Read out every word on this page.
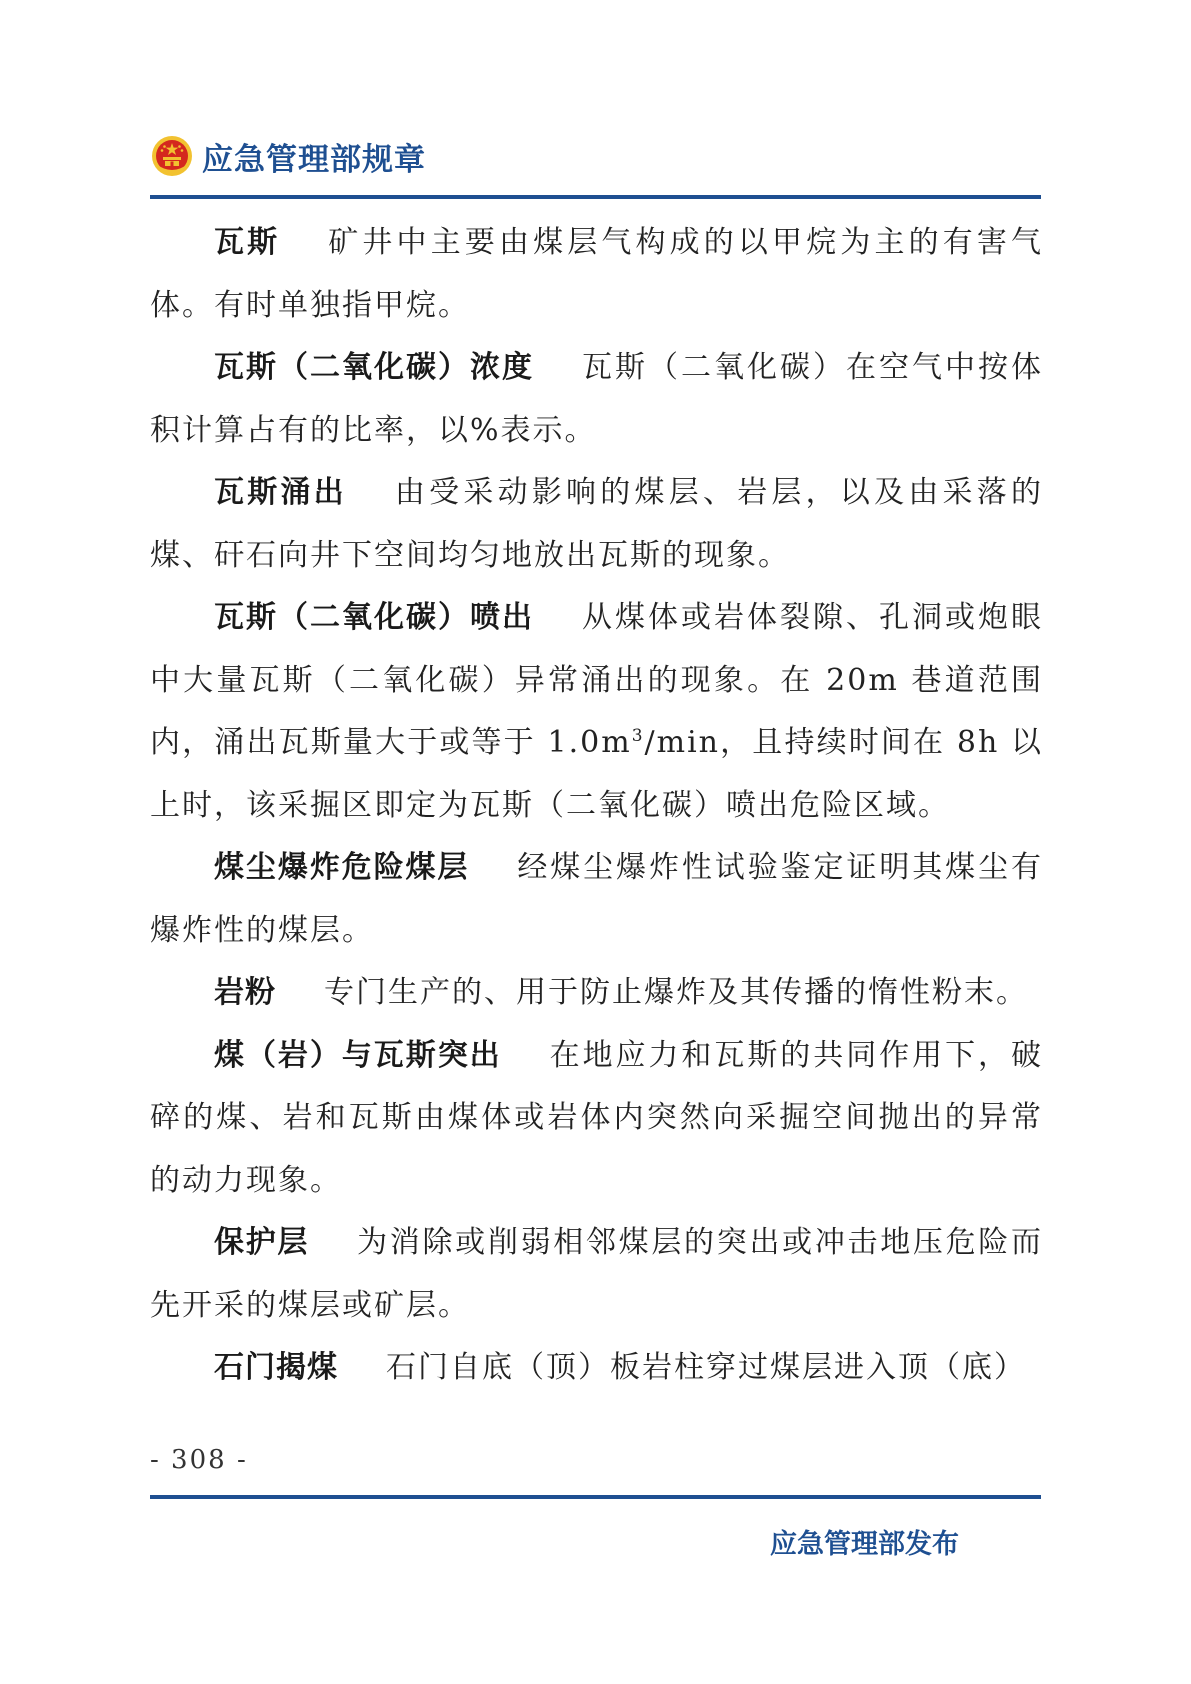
应急管理部规章

瓦斯 矿井中主要由煤层气构成的以甲烷为主的有害气体。有时单独指甲烷。

瓦斯（二氧化碳）浓度 瓦斯（二氧化碳）在空气中按体积计算占有的比率，以%表示。

瓦斯涌出 由受采动影响的煤层、岩层，以及由采落的煤、矸石向井下空间均匀地放出瓦斯的现象。

瓦斯（二氧化碳）喷出 从煤体或岩体裂隙、孔洞或炮眼中大量瓦斯（二氧化碳）异常涌出的现象。在 20m 巷道范围内，涌出瓦斯量大于或等于 $1.0m^3/\min$，且持续时间在 8h 以上时，该采掘区即定为瓦斯（二氧化碳）喷出危险区域。

煤尘爆炸危险煤层 经煤尘爆炸性试验鉴定证明其煤尘有爆炸性的煤层。

岩粉 专门生产的、用于防止爆炸及其传播的惰性粉末。

煤（岩）与瓦斯突出 在地应力和瓦斯的共同作用下，破碎的煤、岩和瓦斯由煤体或岩体内突然向采掘空间抛出的异常的动力现象。

保护层 为消除或削弱相邻煤层的突出或冲击地压危险而先开采的煤层或矿层。

石门揭煤 石门自底（顶）板岩柱穿过煤层进入顶（底）

- 308 -
应急管理部发布
